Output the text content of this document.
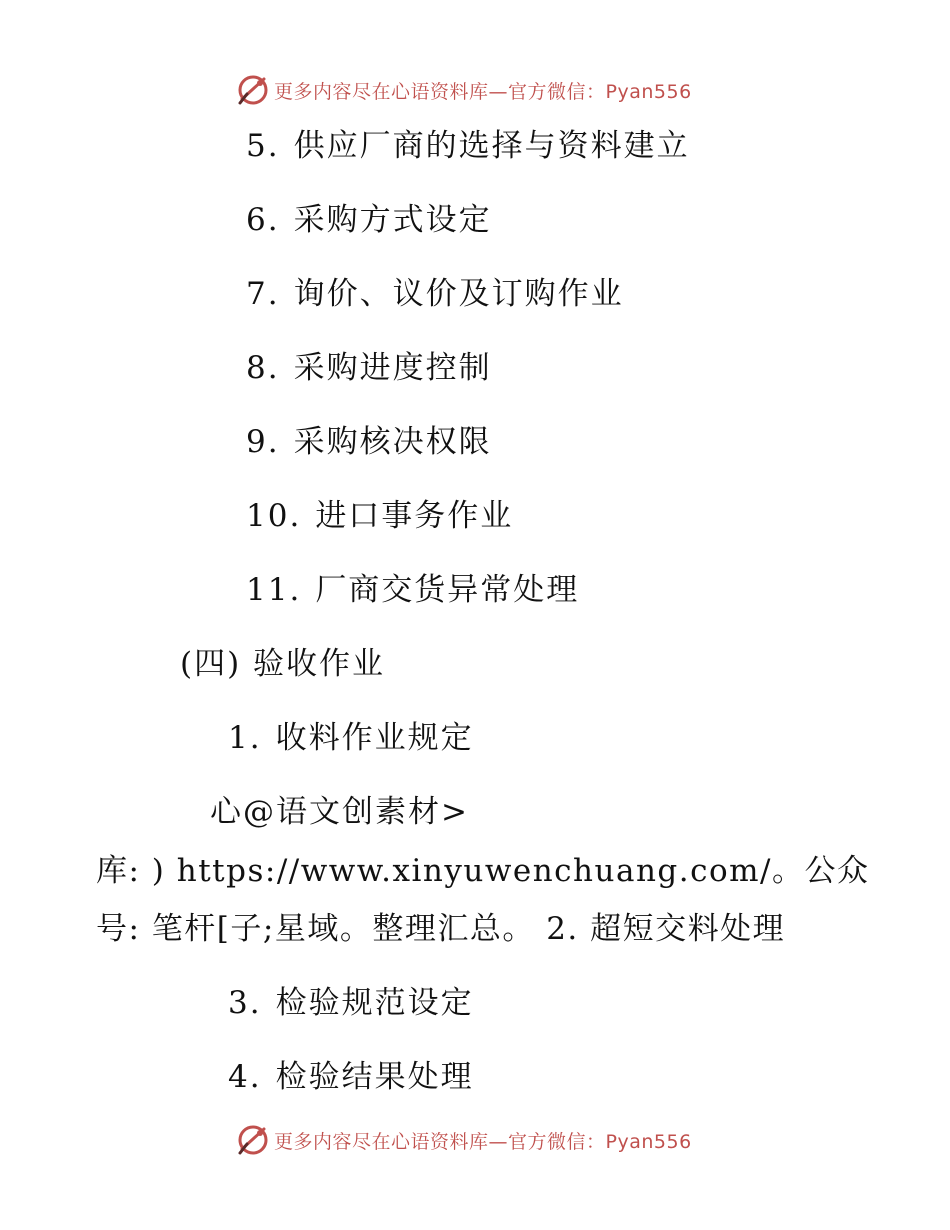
更多内容尽在心语资料库—官方微信：Pyan556
5. 供应厂商的选择与资料建立
6. 采购方式设定
7. 询价、议价及订购作业
8. 采购进度控制
9. 采购核决权限
10. 进口事务作业
11. 厂商交货异常处理
(四) 验收作业
1. 收料作业规定
心@语文创素材>
库: ) https://www.xinyuwenchuang.com/。公众
号: 笔杆[子;星域。整理汇总。 2. 超短交料处理
3. 检验规范设定
4. 检验结果处理
更多内容尽在心语资料库—官方微信：Pyan556
